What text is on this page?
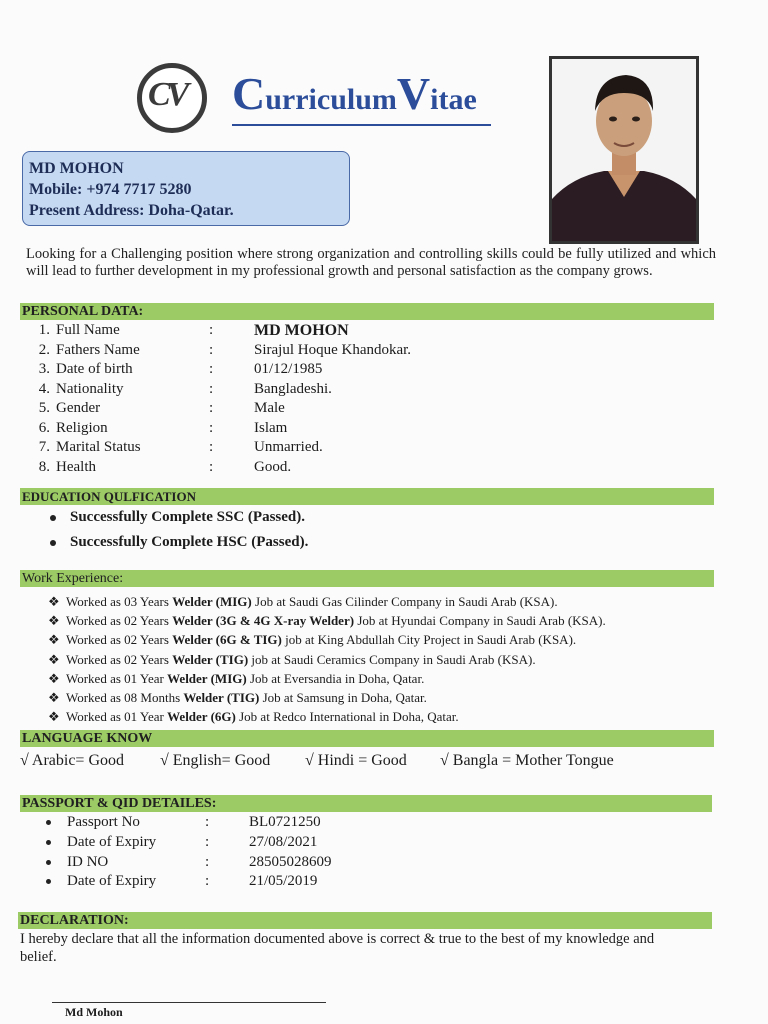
CV CurriculumVitae
MD MOHON
Mobile: +974 7717 5280
Present Address: Doha-Qatar.
Looking for a Challenging position where strong organization and controlling skills could be fully utilized and which will lead to further development in my professional growth and personal satisfaction as the company grows.
PERSONAL DATA:
1. Full Name	:	MD MOHON
2. Fathers Name	:	Sirajul Hoque Khandokar.
3. Date of birth	:	01/12/1985
4. Nationality	:	Bangladeshi.
5. Gender	:	Male
6. Religion	:	Islam
7. Marital Status	:	Unmarried.
8. Health	:	Good.
EDUCATION QULFICATION
Successfully Complete SSC (Passed).
Successfully Complete HSC (Passed).
Work Experience:
❖ Worked as 03 Years Welder (MIG) Job at Saudi Gas Cilinder Company in Saudi Arab (KSA).
❖ Worked as 02 Years Welder (3G & 4G X-ray Welder) Job at Hyundai Company in Saudi Arab (KSA).
❖ Worked as 02 Years Welder (6G & TIG) job at King Abdullah City Project in Saudi Arab (KSA).
❖ Worked as 02 Years Welder (TIG) job at Saudi Ceramics Company in Saudi Arab (KSA).
❖ Worked as 01 Year Welder (MIG) Job at Eversandia in Doha, Qatar.
❖ Worked as 08 Months Welder (TIG) Job at Samsung in Doha, Qatar.
❖ Worked as 01 Year Welder (6G) Job at Redco International in Doha, Qatar.
LANGUAGE KNOW
√ Arabic= Good √ English= Good √ Hindi = Good √ Bangla = Mother Tongue
PASSPORT & QID DETAILES:
Passport No	:	BL0721250
Date of Expiry	:	27/08/2021
ID NO	:	28505028609
Date of Expiry	:	21/05/2019
DECLARATION:
I hereby declare that all the information documented above is correct & true to the best of my knowledge and belief.
Md Mohon
